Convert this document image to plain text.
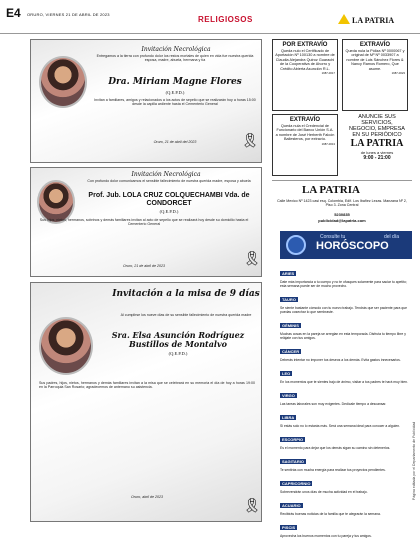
E4 ORURO, VIERNES 21 DE ABRIL DE 2023
RELIGIOSOS	LA PATRIA
Invitación Necrológica
Entregamos a la tierra con profundo dolor los restos mortales de quien en vida fue nuestra querida esposa, madre, abuela, hermana y tía
Dra. Miriam Magne Flores
(Q.E.P.D.)
Invitan a familiares, amigos y relacionados a los actos de sepelio que se realizarán hoy a horas 15:00 desde la capilla ardiente hasta el Cementerio General
Oruro, 21 de abril del 2023	🎗
Invitación Necrológica
Con profundo dolor comunicamos el sensible fallecimiento de nuestra querida madre, esposa y abuela
Prof. Jub. LOLA CRUZ COLQUECHAMBI Vda. de CONDORCET
(Q.E.P.D.)
Sus hijos, nietos, hermanos, sobrinos y demás familiares invitan al acto de sepelio que se realizará hoy desde su domicilio hasta el Cementerio General
Oruro, 21 de abril de 2023	🎗
Invitación a la misa de 9 días
Al cumplirse los nueve días de su sensible fallecimiento de nuestra querida madre
Sra. Elsa Asunción Rodríguez Bustillos de Montalvo
(Q.E.P.D.)
Sus padres, hijos, nietos, hermanos y demás familiares invitan a la misa que se celebrará en su memoria el día de hoy a horas 19:00 en la Parroquia San Rosario; agradecemos de antemano su asistencia.
Oruro, abril de 2023	🎗
POR EXTRAVÍO
Queda nulo el Certificado de Aportación Nº 100130 a nombre de Claudia Alejandra Quiroz Guarachi de la Cooperativa de Ahorro y Crédito Abierta Asunción R.L.
1987-0017
EXTRAVÍO
Queda nula la Póliza Nº 0000067 y original de Mº Nº 0033907 a nombre de Luis Sánchez Flores & Nancy Ramos Romero, Que asume.
1987-0023
EXTRAVÍO
Queda nula el Credencial de Funcionario del Banco Unión S.A. a nombre de José Herberth Falcón Ballesteros, por extravío.
1987-0013
ANUNCIE SUS
SERVICIOS,
NEGOCIO, EMPRESA
EN SU PERIÓDICO
LA PATRIA
de lunes a viernes
9:00 - 21:00
LA PATRIA
Calle Mexico Nº 1423 casi esq. Colombia, Edif. Los Ibañez Lezas. Manzana Nº 2, Piso 3. Zona Central
5230835
publicidad@lapatria.com
Consulte tu
HORÓSCOPO
del día
ARIES
Date más importancia a tu cuerpo y no te ofusques solamente para saciar tu apetito; esta semana puede ser de mucho provecho.
TAURO
Se siente bastante cómodo con tu nuevo trabajo. Tendrás que ser paciente para que puedas cosechar lo que sembraste.
GÉMINIS
Muchas cosas en la pareja se arreglan en esta temporada. Disfruta tu tiempo libre y relájate con tus amigos.
CÁNCER
Deberás intentar no imponer tus deseos a los demás. Evita gastos innecesarios.
LEO
En los momentos que te sientes bajo de ánimo, visitar a tus padres te hará muy bien.
VIRGO
Las tareas laborales son muy exigentes. Dedícale tiempo a descansar.
LIBRA
Si estás solo no lo estarás más. Será una semana ideal para conocer a alguien.
ESCORPIO
Es el momento para dejar que los demás sigan su camino sin detenerlos.
SAGITARIO
Te sentirás con mucha energía para realizar tus proyectos pendientes.
CAPRICORNIO
Sobrevendrán unos días de mucha actividad en el trabajo.
ACUARIO
Recibirás buenas noticias de la familia que te alegrarán la semana.
PISCIS
Aprovecha los buenos momentos con tu pareja y tus amigos.
Página editada por el Departamento de Publicidad
